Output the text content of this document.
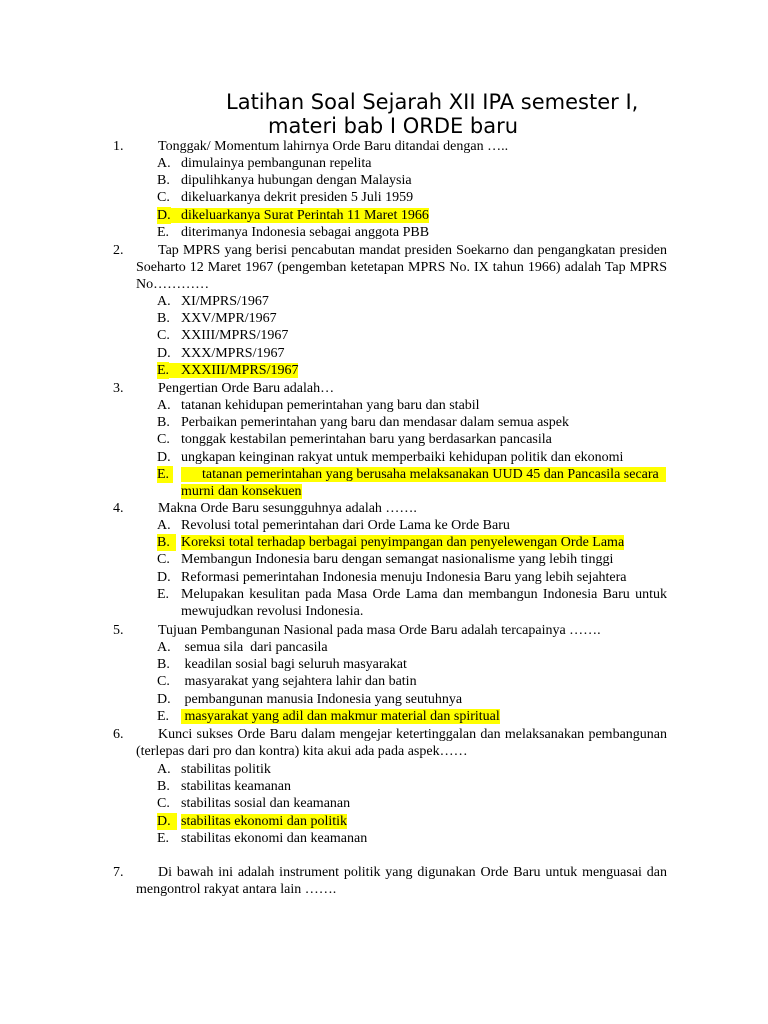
Latihan Soal Sejarah XII IPA semester I,
materi bab I ORDE baru
1.	Tonggak/ Momentum lahirnya Orde Baru ditandai dengan …..
A. dimulainya pembangunan repelita
B. dipulihkanya hubungan dengan Malaysia
C. dikeluarkanya dekrit presiden 5 Juli 1959
D. dikeluarkanya Surat Perintah 11 Maret 1966
E. diterimanya Indonesia sebagai anggota PBB
2.	Tap MPRS yang berisi pencabutan mandat presiden Soekarno dan pengangkatan presiden Soeharto 12 Maret 1967 (pengemban ketetapan MPRS No. IX tahun 1966) adalah Tap MPRS No…………
A. XI/MPRS/1967
B. XXV/MPR/1967
C. XXIII/MPRS/1967
D. XXX/MPRS/1967
E. XXXIII/MPRS/1967
3.	Pengertian Orde Baru adalah…
A. tatanan kehidupan pemerintahan yang baru dan stabil
B. Perbaikan pemerintahan yang baru dan mendasar dalam semua aspek
C. tonggak kestabilan pemerintahan baru yang berdasarkan pancasila
D. ungkapan keinginan rakyat untuk memperbaiki kehidupan politik dan ekonomi
E. tatanan pemerintahan yang berusaha melaksanakan UUD 45 dan Pancasila secara  murni dan konsekuen
4.	Makna Orde Baru sesungguhnya adalah …….
A. Revolusi total pemerintahan dari Orde Lama ke Orde Baru
B. Koreksi total terhadap berbagai penyimpangan dan penyelewengan Orde Lama
C. Membangun Indonesia baru dengan semangat nasionalisme yang lebih tinggi
D. Reformasi pemerintahan Indonesia menuju Indonesia Baru yang lebih sejahtera
E. Melupakan kesulitan pada Masa Orde Lama dan membangun Indonesia Baru untuk mewujudkan revolusi Indonesia.
5.	Tujuan Pembangunan Nasional pada masa Orde Baru adalah tercapainya …….
A. semua sila  dari pancasila
B. keadilan sosial bagi seluruh masyarakat
C. masyarakat yang sejahtera lahir dan batin
D. pembangunan manusia Indonesia yang seutuhnya
E. masyarakat yang adil dan makmur material dan spiritual
6.	Kunci sukses Orde Baru dalam mengejar ketertinggalan dan melaksanakan pembangunan (terlepas dari pro dan kontra) kita akui ada pada aspek……
A. stabilitas politik
B. stabilitas keamanan
C. stabilitas sosial dan keamanan
D. stabilitas ekonomi dan politik
E. stabilitas ekonomi dan keamanan
7.	Di bawah ini adalah instrument politik yang digunakan Orde Baru untuk menguasai dan mengontrol rakyat antara lain …….
